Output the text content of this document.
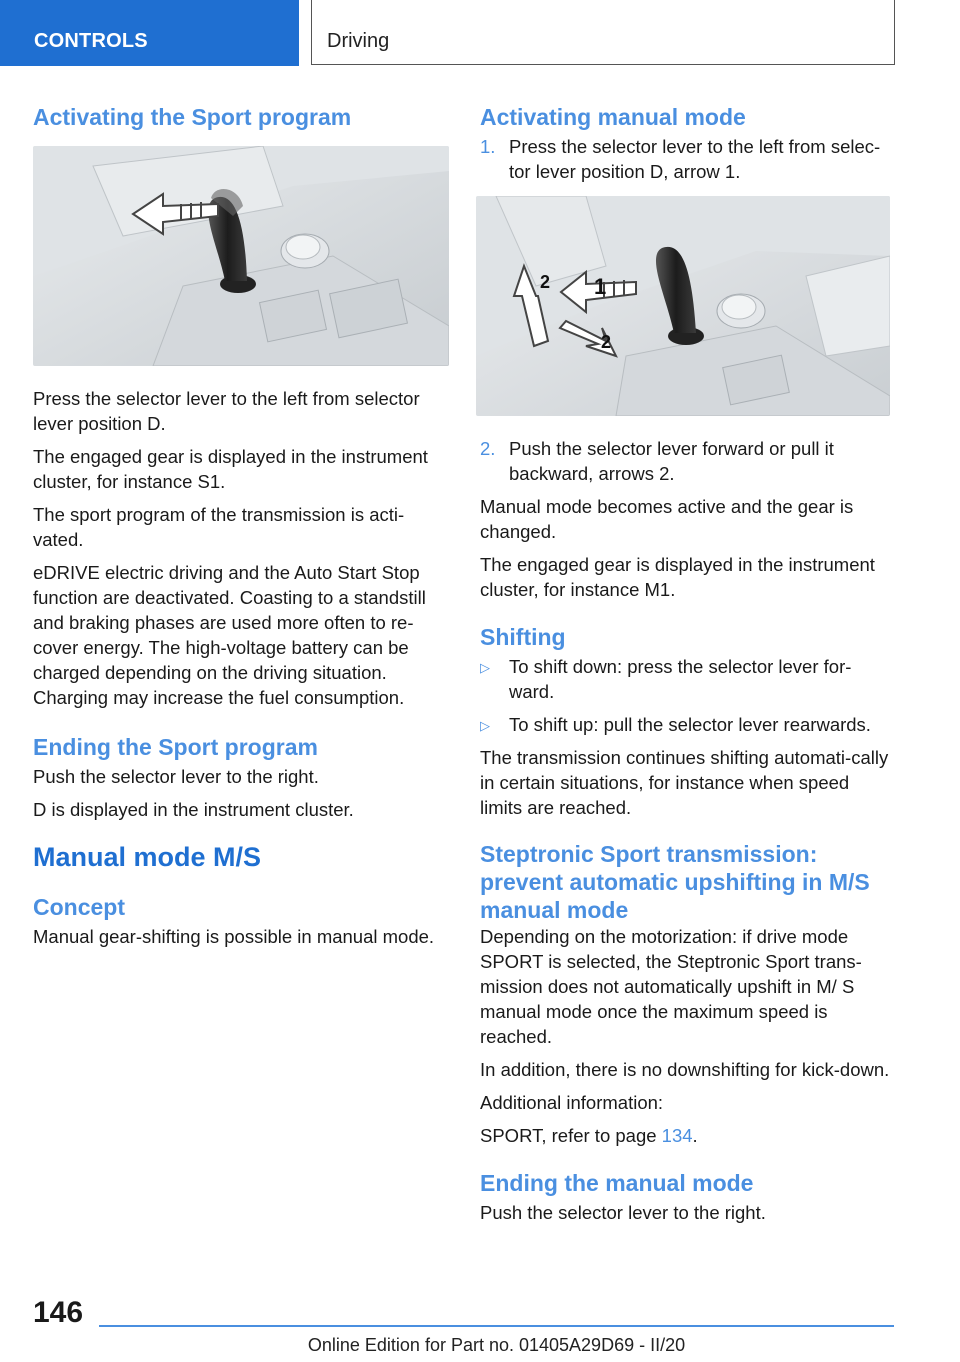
CONTROLS	Driving
Activating the Sport program

Press the selector lever to the left from selector lever position D.

The engaged gear is displayed in the instrument cluster, for instance S1.

The sport program of the transmission is acti‐vated.

eDRIVE electric driving and the Auto Start Stop function are deactivated. Coasting to a standstill and braking phases are used more often to re‐cover energy. The high-voltage battery can be charged depending on the driving situation. Charging may increase the fuel consumption.

Ending the Sport program

Push the selector lever to the right.

D is displayed in the instrument cluster.

Manual mode M/S
Concept

Manual gear-shifting is possible in manual mode.

Activating manual mode
1. Press the selector lever to the left from selec‐tor lever position D, arrow 1.
1
2
2
2. Push the selector lever forward or pull it backward, arrows 2.

Manual mode becomes active and the gear is changed.

The engaged gear is displayed in the instrument cluster, for instance M1.

Shifting
▷ To shift down: press the selector lever for‐ward.
▷ To shift up: pull the selector lever rearwards.

The transmission continues shifting automati‐cally in certain situations, for instance when speed limits are reached.

Steptronic Sport transmission: prevent automatic upshifting in M/S manual mode

Depending on the motorization: if drive mode SPORT is selected, the Steptronic Sport trans‐mission does not automatically upshift in M/ S manual mode once the maximum speed is reached.

In addition, there is no downshifting for kick‐down.

Additional information:

SPORT, refer to page 134.

Ending the manual mode

Push the selector lever to the right.

146
Online Edition for Part no. 01405A29D69 - II/20
